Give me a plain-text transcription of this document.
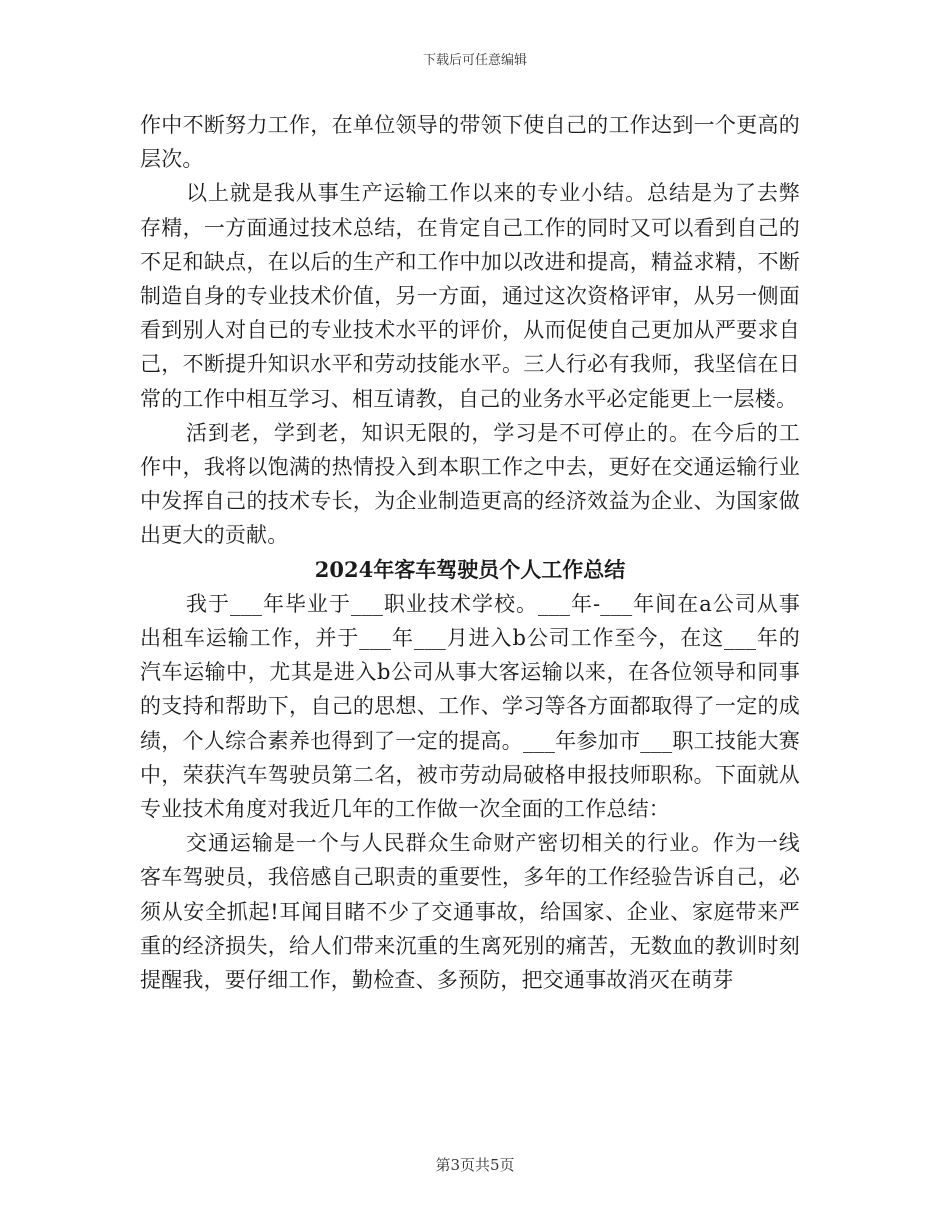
下载后可任意编辑

作中不断努力工作，在单位领导的带领下使自己的工作达到一个更高的层次。

以上就是我从事生产运输工作以来的专业小结。总结是为了去弊存精，一方面通过技术总结，在肯定自己工作的同时又可以看到自己的不足和缺点，在以后的生产和工作中加以改进和提高，精益求精，不断制造自身的专业技术价值，另一方面，通过这次资格评审，从另一侧面看到别人对自已的专业技术水平的评价，从而促使自己更加从严要求自己，不断提升知识水平和劳动技能水平。三人行必有我师，我坚信在日常的工作中相互学习、相互请教，自己的业务水平必定能更上一层楼。

活到老，学到老，知识无限的，学习是不可停止的。在今后的工作中，我将以饱满的热情投入到本职工作之中去，更好在交通运输行业中发挥自己的技术专长，为企业制造更高的经济效益为企业、为国家做出更大的贡献。

2024年客车驾驶员个人工作总结

我于___年毕业于___职业技术学校。___年-___年间在a公司从事出租车运输工作，并于___年___月进入b公司工作至今，在这___年的汽车运输中，尤其是进入b公司从事大客运输以来，在各位领导和同事的支持和帮助下，自己的思想、工作、学习等各方面都取得了一定的成绩，个人综合素养也得到了一定的提高。___年参加市___职工技能大赛中，荣获汽车驾驶员第二名，被市劳动局破格申报技师职称。下面就从专业技术角度对我近几年的工作做一次全面的工作总结：

交通运输是一个与人民群众生命财产密切相关的行业。作为一线客车驾驶员，我倍感自己职责的重要性，多年的工作经验告诉自己，必须从安全抓起!耳闻目睹不少了交通事故，给国家、企业、家庭带来严重的经济损失，给人们带来沉重的生离死别的痛苦，无数血的教训时刻提醒我，要仔细工作，勤检查、多预防，把交通事故消灭在萌芽

第3页共5页
